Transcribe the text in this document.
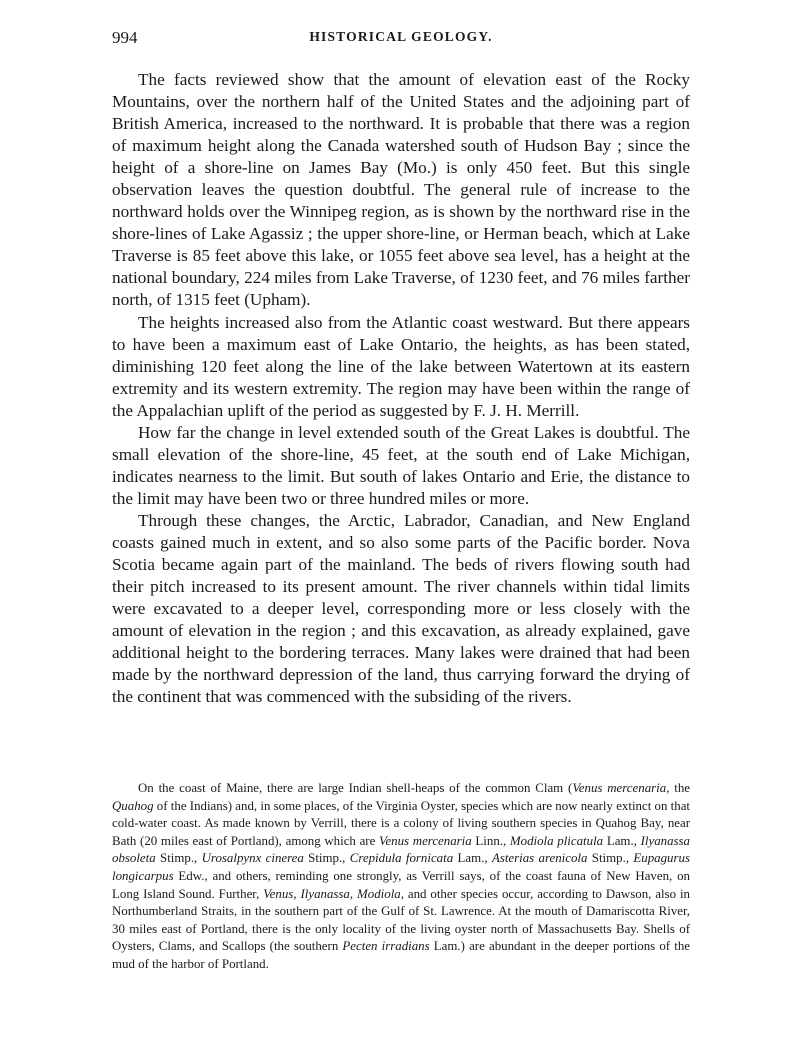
994	HISTORICAL GEOLOGY.

The facts reviewed show that the amount of elevation east of the Rocky Mountains, over the northern half of the United States and the adjoining part of British America, increased to the northward. It is probable that there was a region of maximum height along the Canada watershed south of Hudson Bay ; since the height of a shore-line on James Bay (Mo.) is only 450 feet. But this single observation leaves the question doubtful. The general rule of increase to the northward holds over the Winnipeg region, as is shown by the northward rise in the shore-lines of Lake Agassiz ; the upper shore-line, or Herman beach, which at Lake Traverse is 85 feet above this lake, or 1055 feet above sea level, has a height at the national boundary, 224 miles from Lake Traverse, of 1230 feet, and 76 miles farther north, of 1315 feet (Upham).

The heights increased also from the Atlantic coast westward. But there appears to have been a maximum east of Lake Ontario, the heights, as has been stated, diminishing 120 feet along the line of the lake between Watertown at its eastern extremity and its western extremity. The region may have been within the range of the Appalachian uplift of the period as suggested by F. J. H. Merrill.

How far the change in level extended south of the Great Lakes is doubtful. The small elevation of the shore-line, 45 feet, at the south end of Lake Michigan, indicates nearness to the limit. But south of lakes Ontario and Erie, the distance to the limit may have been two or three hundred miles or more.

Through these changes, the Arctic, Labrador, Canadian, and New England coasts gained much in extent, and so also some parts of the Pacific border. Nova Scotia became again part of the mainland. The beds of rivers flowing south had their pitch increased to its present amount. The river channels within tidal limits were excavated to a deeper level, corresponding more or less closely with the amount of elevation in the region ; and this excavation, as already explained, gave additional height to the bordering terraces. Many lakes were drained that had been made by the northward depression of the land, thus carrying forward the drying of the continent that was commenced with the subsiding of the rivers.

On the coast of Maine, there are large Indian shell-heaps of the common Clam (Venus mercenaria, the Quahog of the Indians) and, in some places, of the Virginia Oyster, species which are now nearly extinct on that cold-water coast. As made known by Verrill, there is a colony of living southern species in Quahog Bay, near Bath (20 miles east of Portland), among which are Venus mercenaria Linn., Modiola plicatula Lam., Ilyanassa obsoleta Stimp., Urosalpynx cinerea Stimp., Crepidula fornicata Lam., Asterias arenicola Stimp., Eupagurus longicarpus Edw., and others, reminding one strongly, as Verrill says, of the coast fauna of New Haven, on Long Island Sound. Further, Venus, Ilyanassa, Modiola, and other species occur, according to Dawson, also in Northumberland Straits, in the southern part of the Gulf of St. Lawrence. At the mouth of Damariscotta River, 30 miles east of Portland, there is the only locality of the living oyster north of Massachusetts Bay. Shells of Oysters, Clams, and Scallops (the southern Pecten irradians Lam.) are abundant in the deeper portions of the mud of the harbor of Portland.
